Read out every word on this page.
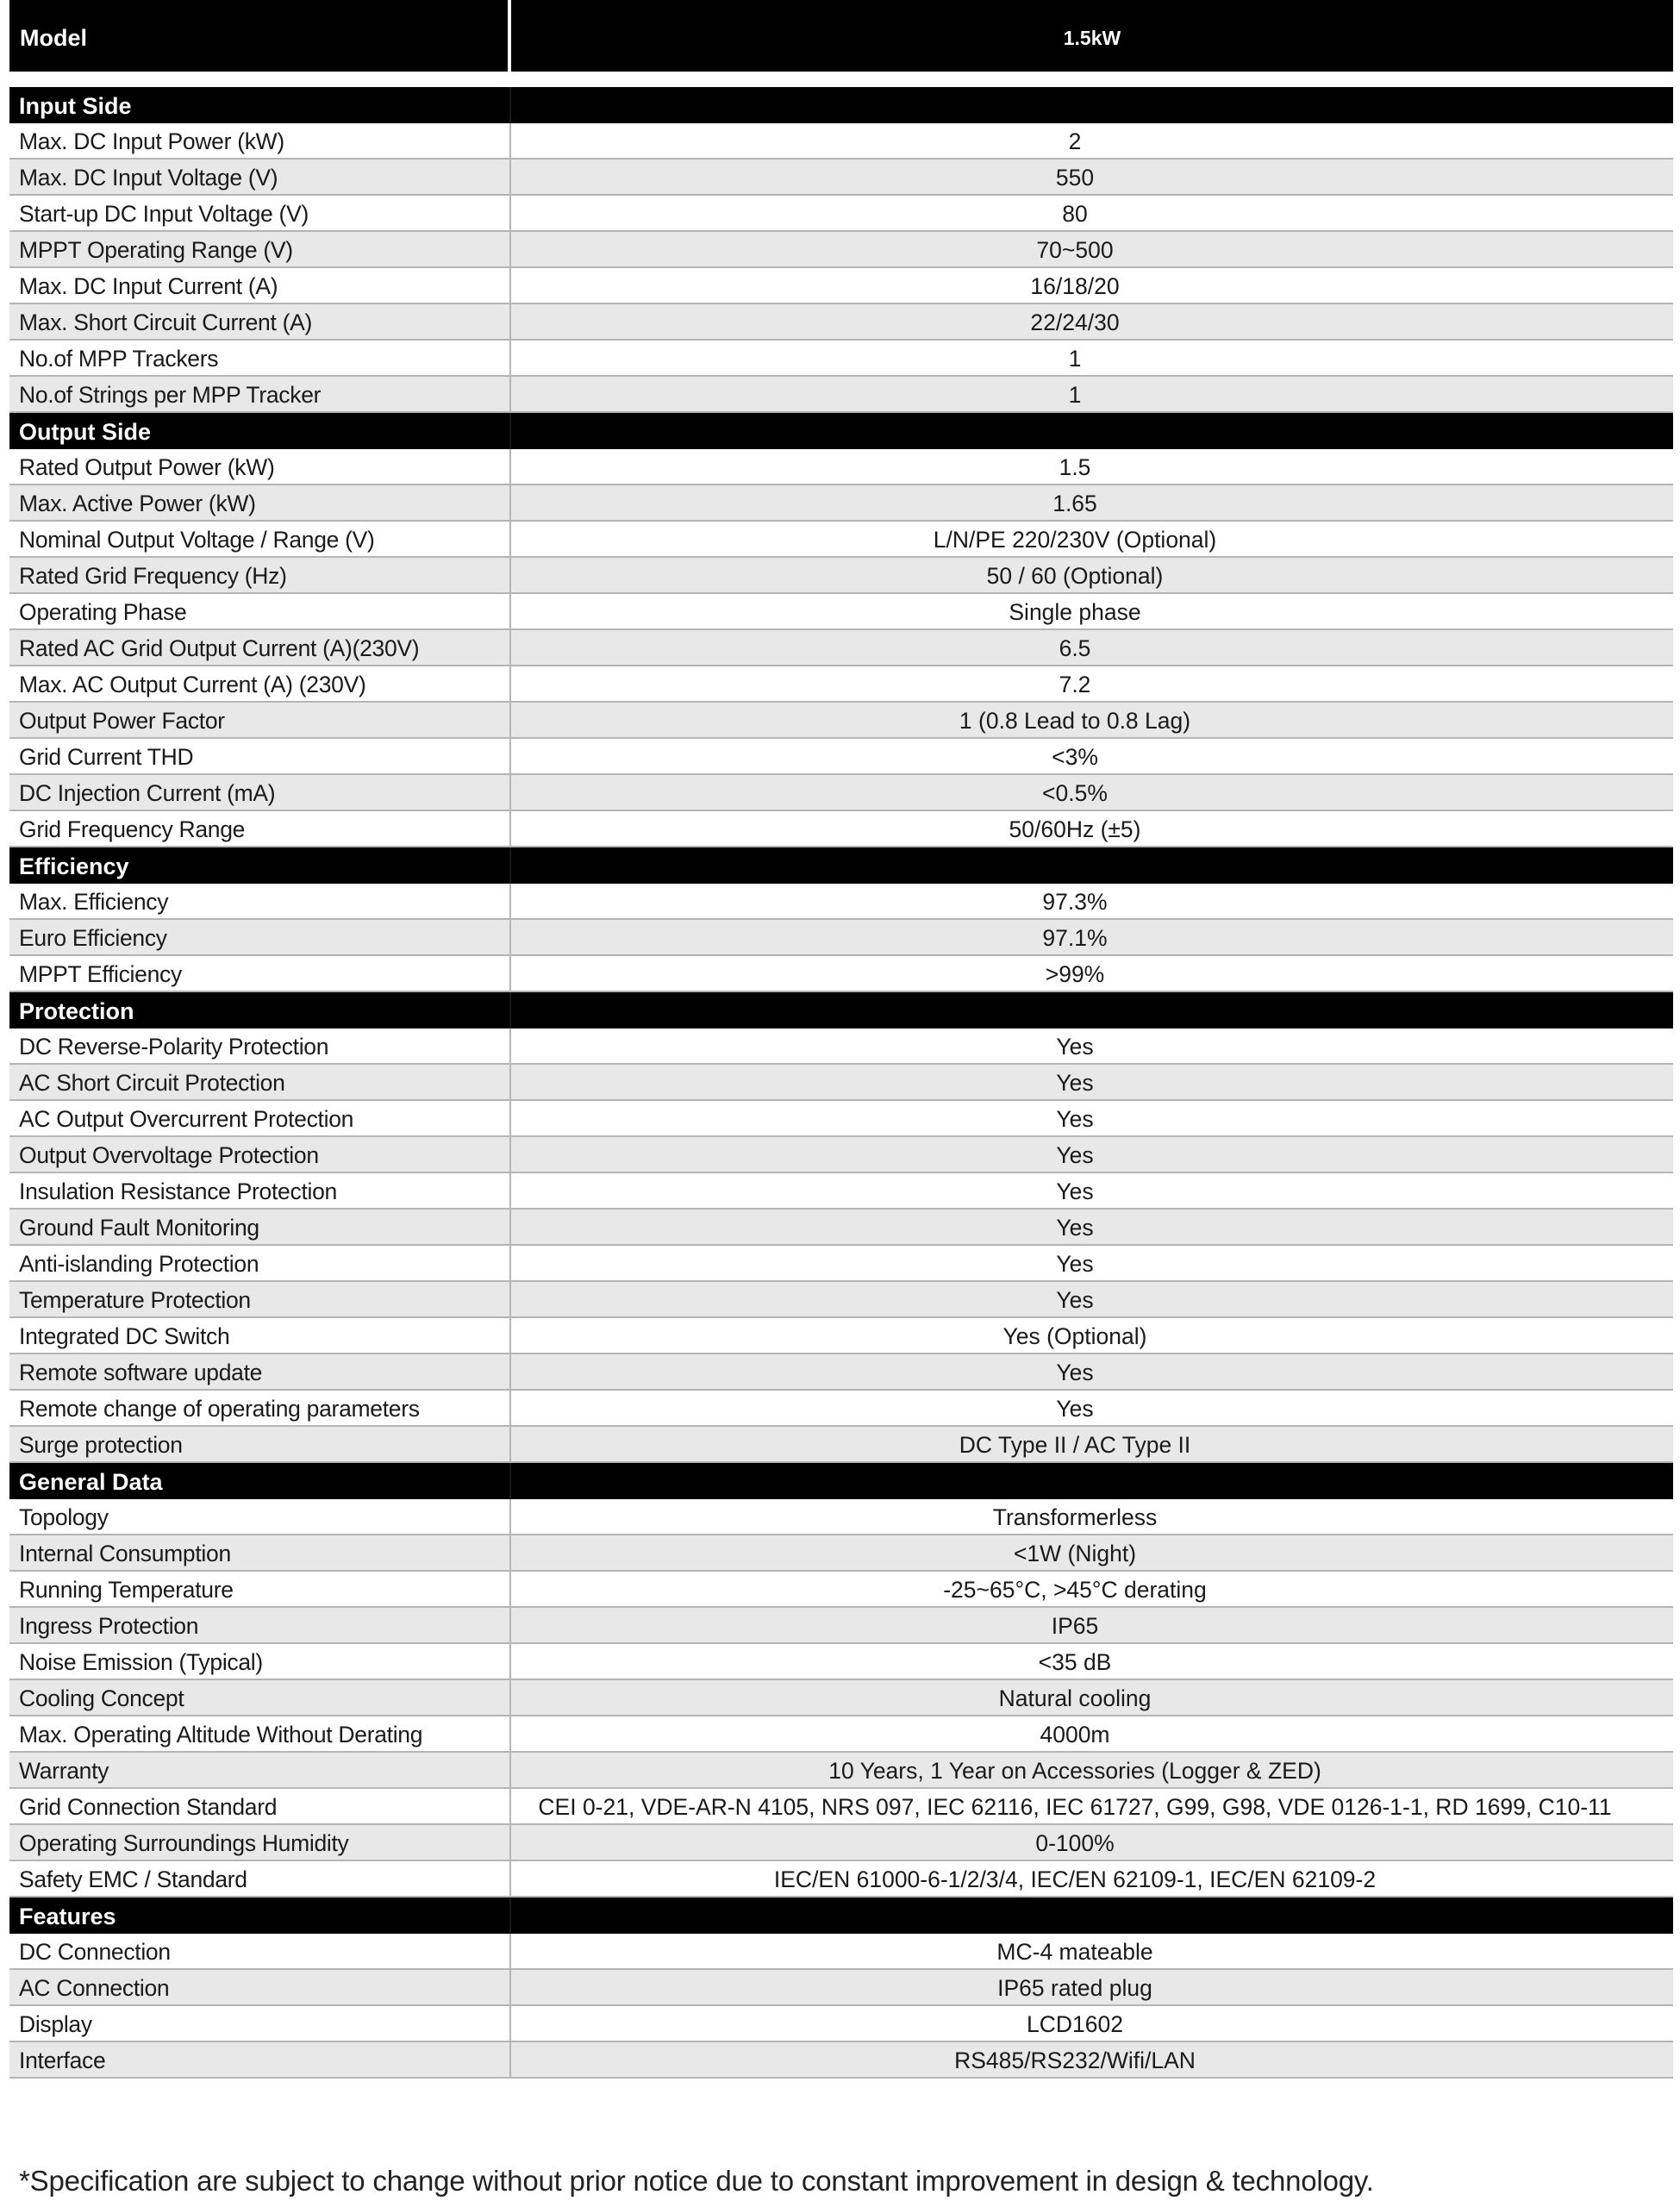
Model	1.5kW
Input Side
Max. DC Input Power (kW)	2
Max. DC Input Voltage (V)	550
Start-up DC Input Voltage (V)	80
MPPT Operating Range (V)	70~500
Max. DC Input Current (A)	16/18/20
Max. Short Circuit Current (A)	22/24/30
No.of MPP Trackers	1
No.of Strings per MPP Tracker	1
Output Side
Rated Output Power (kW)	1.5
Max. Active Power (kW)	1.65
Nominal Output Voltage / Range (V)	L/N/PE 220/230V (Optional)
Rated Grid Frequency (Hz)	50 / 60 (Optional)
Operating Phase	Single phase
Rated AC Grid Output Current (A)(230V)	6.5
Max. AC Output Current (A) (230V)	7.2
Output Power Factor	1 (0.8 Lead to 0.8 Lag)
Grid Current THD	<3%
DC Injection Current (mA)	<0.5%
Grid Frequency Range	50/60Hz (±5)
Efficiency
Max. Efficiency	97.3%
Euro Efficiency	97.1%
MPPT Efficiency	>99%
Protection
DC Reverse-Polarity Protection	Yes
AC Short Circuit Protection	Yes
AC Output Overcurrent Protection	Yes
Output Overvoltage Protection	Yes
Insulation Resistance Protection	Yes
Ground Fault Monitoring	Yes
Anti-islanding Protection	Yes
Temperature Protection	Yes
Integrated DC Switch	Yes (Optional)
Remote software update	Yes
Remote change of operating parameters	Yes
Surge protection	DC Type II / AC Type II
General Data
Topology	Transformerless
Internal Consumption	<1W (Night)
Running Temperature	-25~65°C, >45°C derating
Ingress Protection	IP65
Noise Emission (Typical)	<35 dB
Cooling Concept	Natural cooling
Max. Operating Altitude Without Derating	4000m
Warranty	10 Years, 1 Year on Accessories (Logger & ZED)
Grid Connection Standard	CEI 0-21, VDE-AR-N 4105, NRS 097, IEC 62116, IEC 61727, G99, G98, VDE 0126-1-1, RD 1699, C10-11
Operating Surroundings Humidity	0-100%
Safety EMC / Standard	IEC/EN 61000-6-1/2/3/4, IEC/EN 62109-1, IEC/EN 62109-2
Features
DC Connection	MC-4 mateable
AC Connection	IP65 rated plug
Display	LCD1602
Interface	RS485/RS232/Wifi/LAN
*Specification are subject to change without prior notice due to constant improvement in design & technology.
